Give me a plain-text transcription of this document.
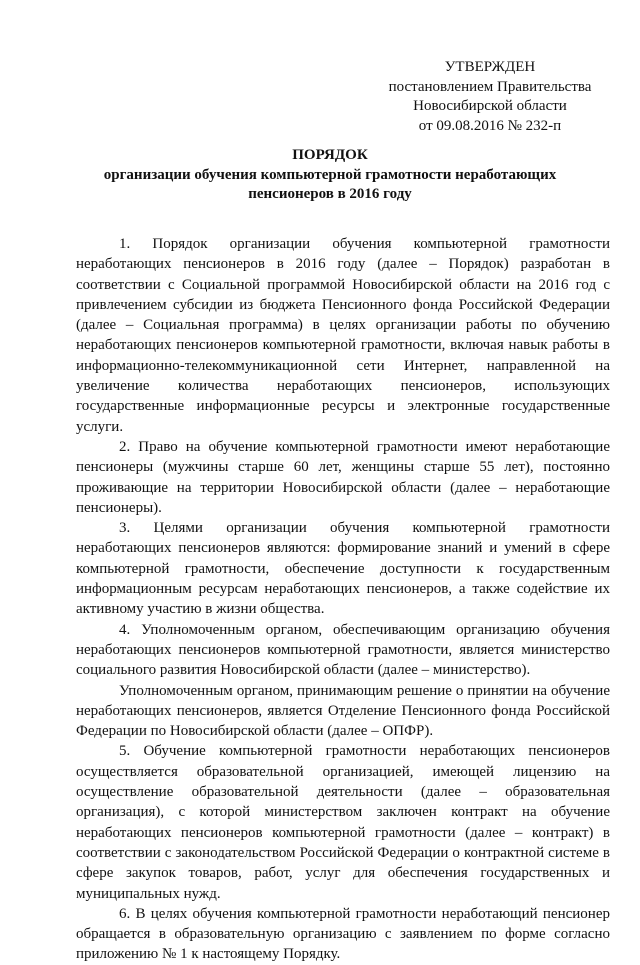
УТВЕРЖДЕН
постановлением Правительства
Новосибирской области
от 09.08.2016 № 232-п
ПОРЯДОК
организации обучения компьютерной грамотности неработающих
пенсионеров в 2016 году

1. Порядок организации обучения компьютерной грамотности неработающих пенсионеров в 2016 году (далее – Порядок) разработан в соответствии с Социальной программой Новосибирской области на 2016 год с привлечением субсидии из бюджета Пенсионного фонда Российской Федерации (далее – Социальная программа) в целях организации работы по обучению неработающих пенсионеров компьютерной грамотности, включая навык работы в информационно-телекоммуникационной сети Интернет, направленной на увеличение количества неработающих пенсионеров, использующих государственные информационные ресурсы и электронные государственные услуги.

2. Право на обучение компьютерной грамотности имеют неработающие пенсионеры (мужчины старше 60 лет, женщины старше 55 лет), постоянно проживающие на территории Новосибирской области (далее – неработающие пенсионеры).

3. Целями организации обучения компьютерной грамотности неработающих пенсионеров являются: формирование знаний и умений в сфере компьютерной грамотности, обеспечение доступности к государственным информационным ресурсам неработающих пенсионеров, а также содействие их активному участию в жизни общества.

4. Уполномоченным органом, обеспечивающим организацию обучения неработающих пенсионеров компьютерной грамотности, является министерство социального развития Новосибирской области (далее – министерство).

Уполномоченным органом, принимающим решение о принятии на обучение неработающих пенсионеров, является Отделение Пенсионного фонда Российской Федерации по Новосибирской области (далее – ОПФР).

5. Обучение компьютерной грамотности неработающих пенсионеров осуществляется образовательной организацией, имеющей лицензию на осуществление образовательной деятельности (далее – образовательная организация), с которой министерством заключен контракт на обучение неработающих пенсионеров компьютерной грамотности (далее – контракт) в соответствии с законодательством Российской Федерации о контрактной системе в сфере закупок товаров, работ, услуг для обеспечения государственных и муниципальных нужд.

6. В целях обучения компьютерной грамотности неработающий пенсионер обращается в образовательную организацию с заявлением по форме согласно приложению № 1 к настоящему Порядку.
